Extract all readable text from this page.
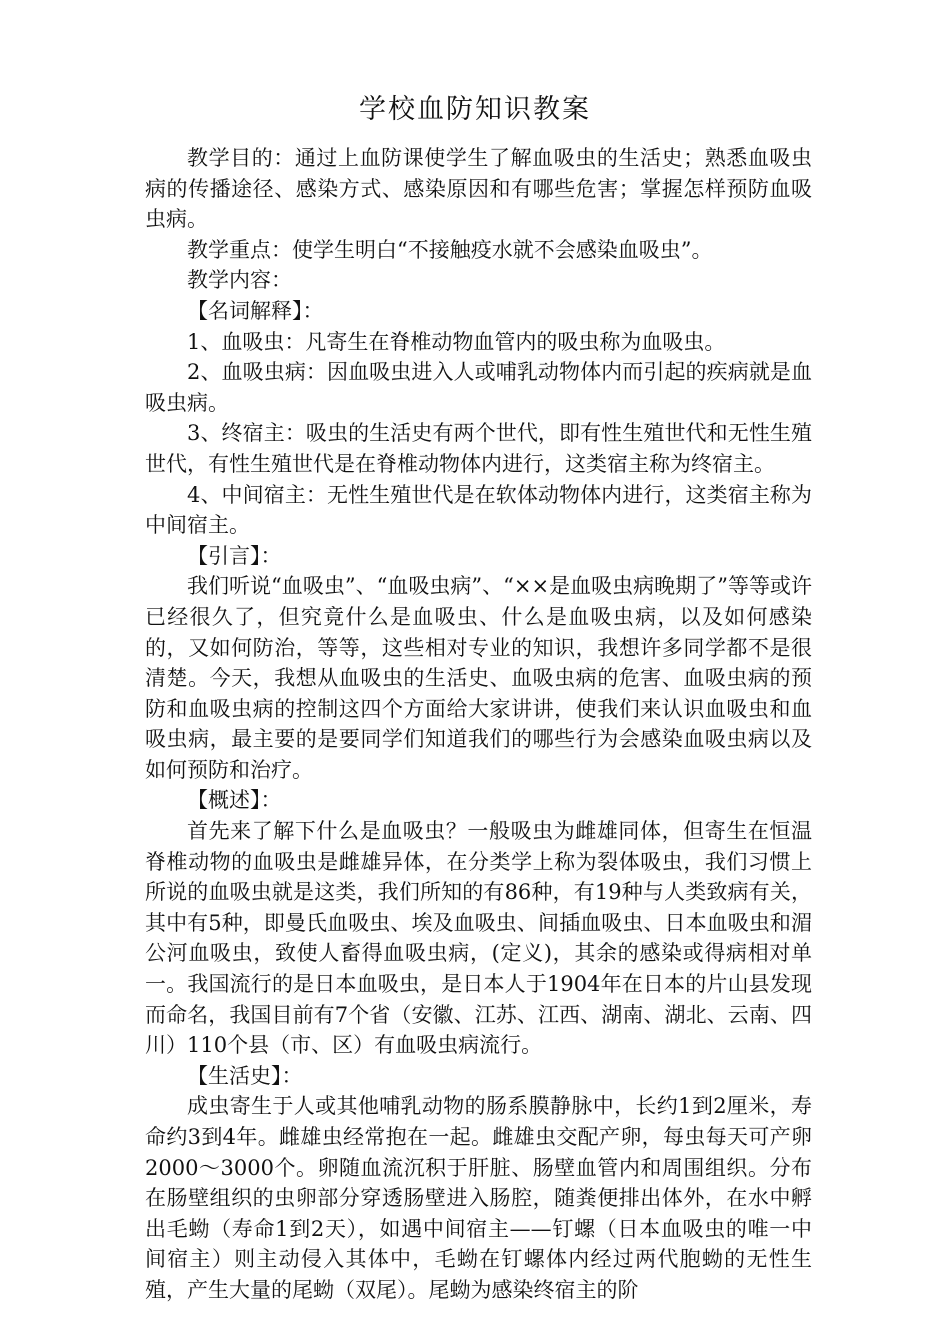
学校血防知识教案

教学目的：通过上血防课使学生了解血吸虫的生活史；熟悉血吸虫病的传播途径、感染方式、感染原因和有哪些危害；掌握怎样预防血吸虫病。

教学重点：使学生明白“不接触疫水就不会感染血吸虫”。

教学内容：

【名词解释】：

1、血吸虫：凡寄生在脊椎动物血管内的吸虫称为血吸虫。

2、血吸虫病：因血吸虫进入人或哺乳动物体内而引起的疾病就是血吸虫病。

3、终宿主：吸虫的生活史有两个世代，即有性生殖世代和无性生殖世代，有性生殖世代是在脊椎动物体内进行，这类宿主称为终宿主。

4、中间宿主：无性生殖世代是在软体动物体内进行，这类宿主称为中间宿主。

【引言】：

我们听说“血吸虫”、“血吸虫病”、“××是血吸虫病晚期了”等等或许已经很久了，但究竟什么是血吸虫、什么是血吸虫病，以及如何感染的，又如何防治，等等，这些相对专业的知识，我想许多同学都不是很清楚。今天，我想从血吸虫的生活史、血吸虫病的危害、血吸虫病的预防和血吸虫病的控制这四个方面给大家讲讲，使我们来认识血吸虫和血吸虫病，最主要的是要同学们知道我们的哪些行为会感染血吸虫病以及如何预防和治疗。

【概述】：

首先来了解下什么是血吸虫？一般吸虫为雌雄同体，但寄生在恒温脊椎动物的血吸虫是雌雄异体，在分类学上称为裂体吸虫，我们习惯上所说的血吸虫就是这类，我们所知的有86种，有19种与人类致病有关，其中有5种，即曼氏血吸虫、埃及血吸虫、间插血吸虫、日本血吸虫和湄公河血吸虫，致使人畜得血吸虫病，(定义)，其余的感染或得病相对单一。我国流行的是日本血吸虫，是日本人于1904年在日本的片山县发现而命名，我国目前有7个省（安徽、江苏、江西、湖南、湖北、云南、四川）110个县（市、区）有血吸虫病流行。

【生活史】：

成虫寄生于人或其他哺乳动物的肠系膜静脉中，长约1到2厘米，寿命约3到4年。雌雄虫经常抱在一起。雌雄虫交配产卵，每虫每天可产卵2000～3000个。卵随血流沉积于肝脏、肠壁血管内和周围组织。分布在肠壁组织的虫卵部分穿透肠壁进入肠腔，随粪便排出体外，在水中孵出毛蚴（寿命1到2天），如遇中间宿主——钉螺（日本血吸虫的唯一中间宿主）则主动侵入其体中，毛蚴在钉螺体内经过两代胞蚴的无性生殖，产生大量的尾蚴（双尾）。尾蚴为感染终宿主的阶
